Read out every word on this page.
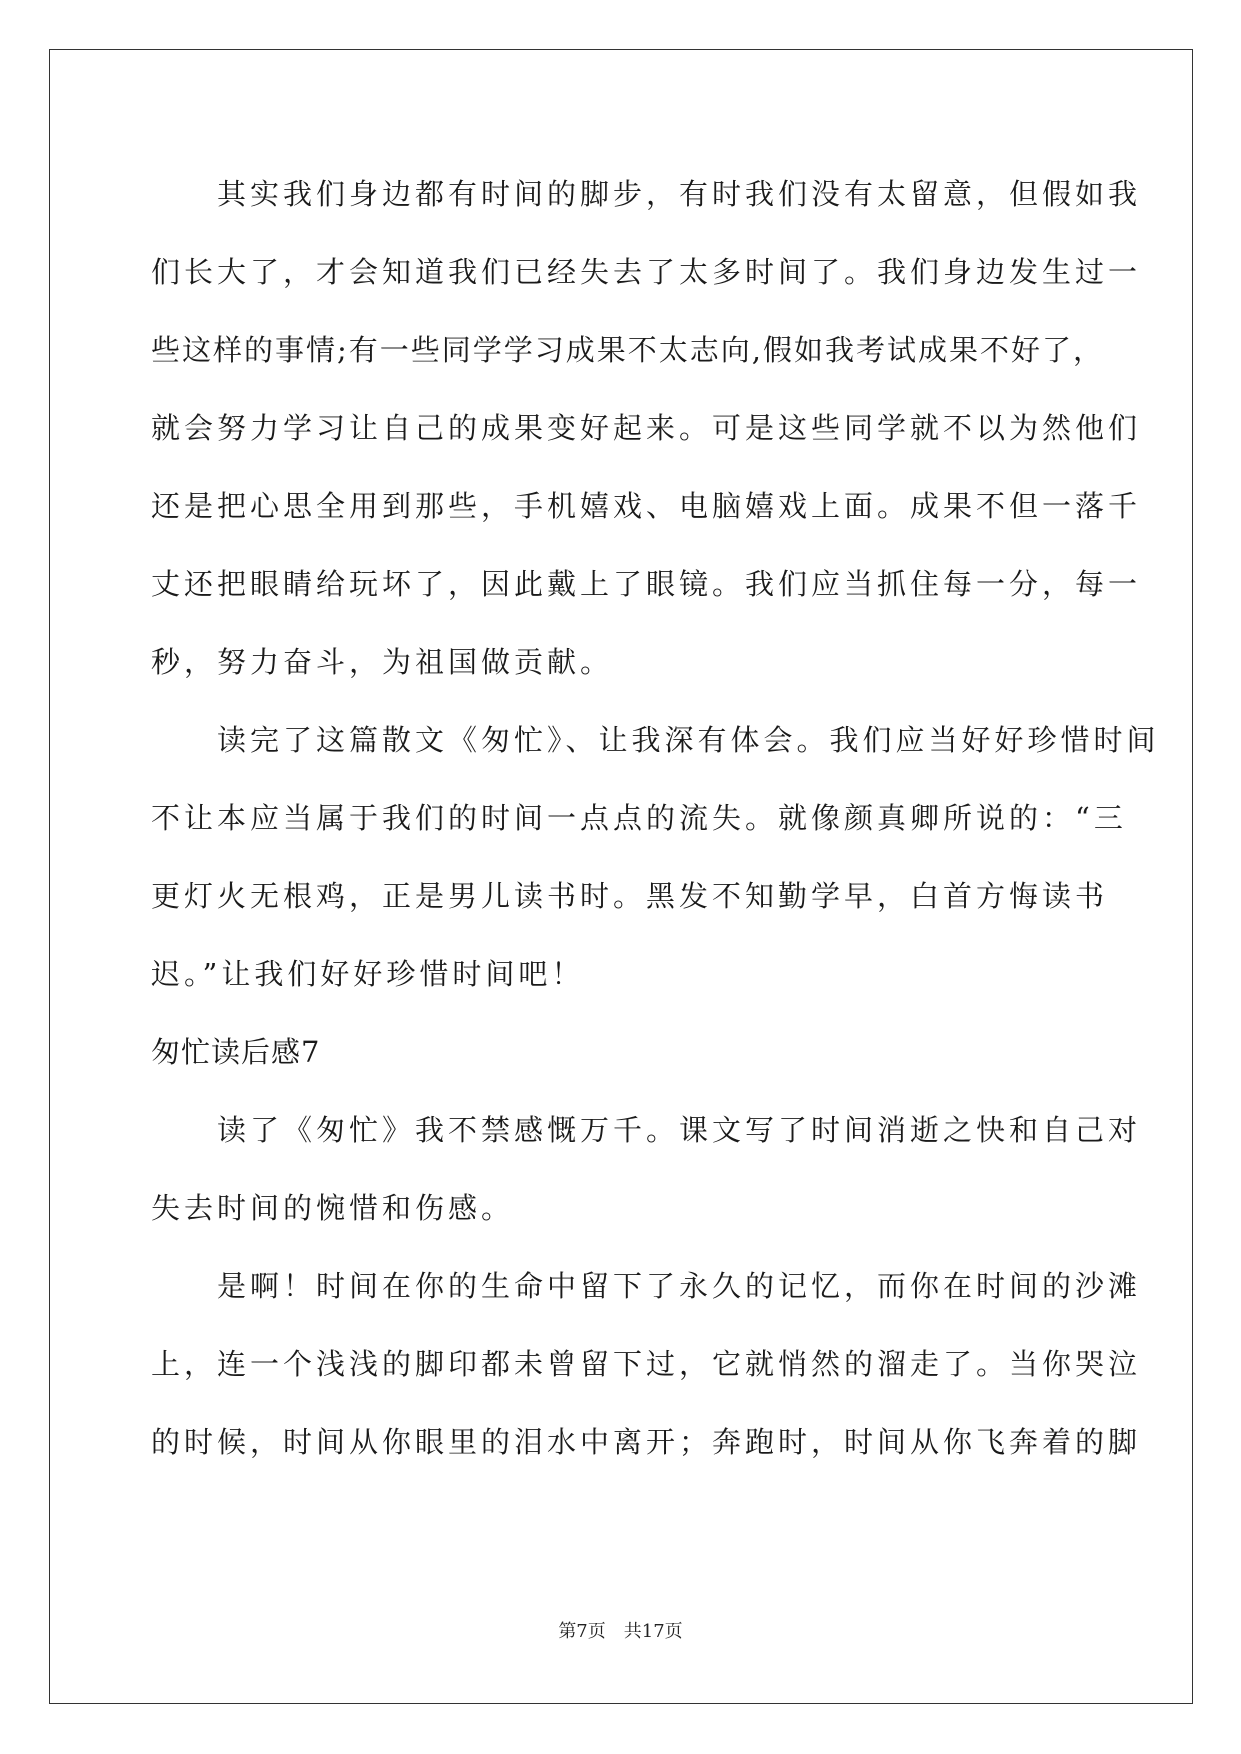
　　其实我们身边都有时间的脚步，有时我们没有太留意，但假如我
们长大了，才会知道我们已经失去了太多时间了。我们身边发生过一
些这样的事情;有一些同学学习成果不太志向,假如我考试成果不好了，
就会努力学习让自己的成果变好起来。可是这些同学就不以为然他们
还是把心思全用到那些，手机嬉戏、电脑嬉戏上面。成果不但一落千
丈还把眼睛给玩坏了，因此戴上了眼镜。我们应当抓住每一分，每一
秒，努力奋斗，为祖国做贡献。
　　读完了这篇散文《匆忙》、让我深有体会。我们应当好好珍惜时间
不让本应当属于我们的时间一点点的流失。就像颜真卿所说的：“三
更灯火无根鸡，正是男儿读书时。黑发不知勤学早，白首方悔读书
迟。”让我们好好珍惜时间吧！
匆忙读后感7
　　读了《匆忙》我不禁感慨万千。课文写了时间消逝之快和自己对
失去时间的惋惜和伤感。
　　是啊！时间在你的生命中留下了永久的记忆，而你在时间的沙滩
上，连一个浅浅的脚印都未曾留下过，它就悄然的溜走了。当你哭泣
的时候，时间从你眼里的泪水中离开；奔跑时，时间从你飞奔着的脚
第7页 共17页
